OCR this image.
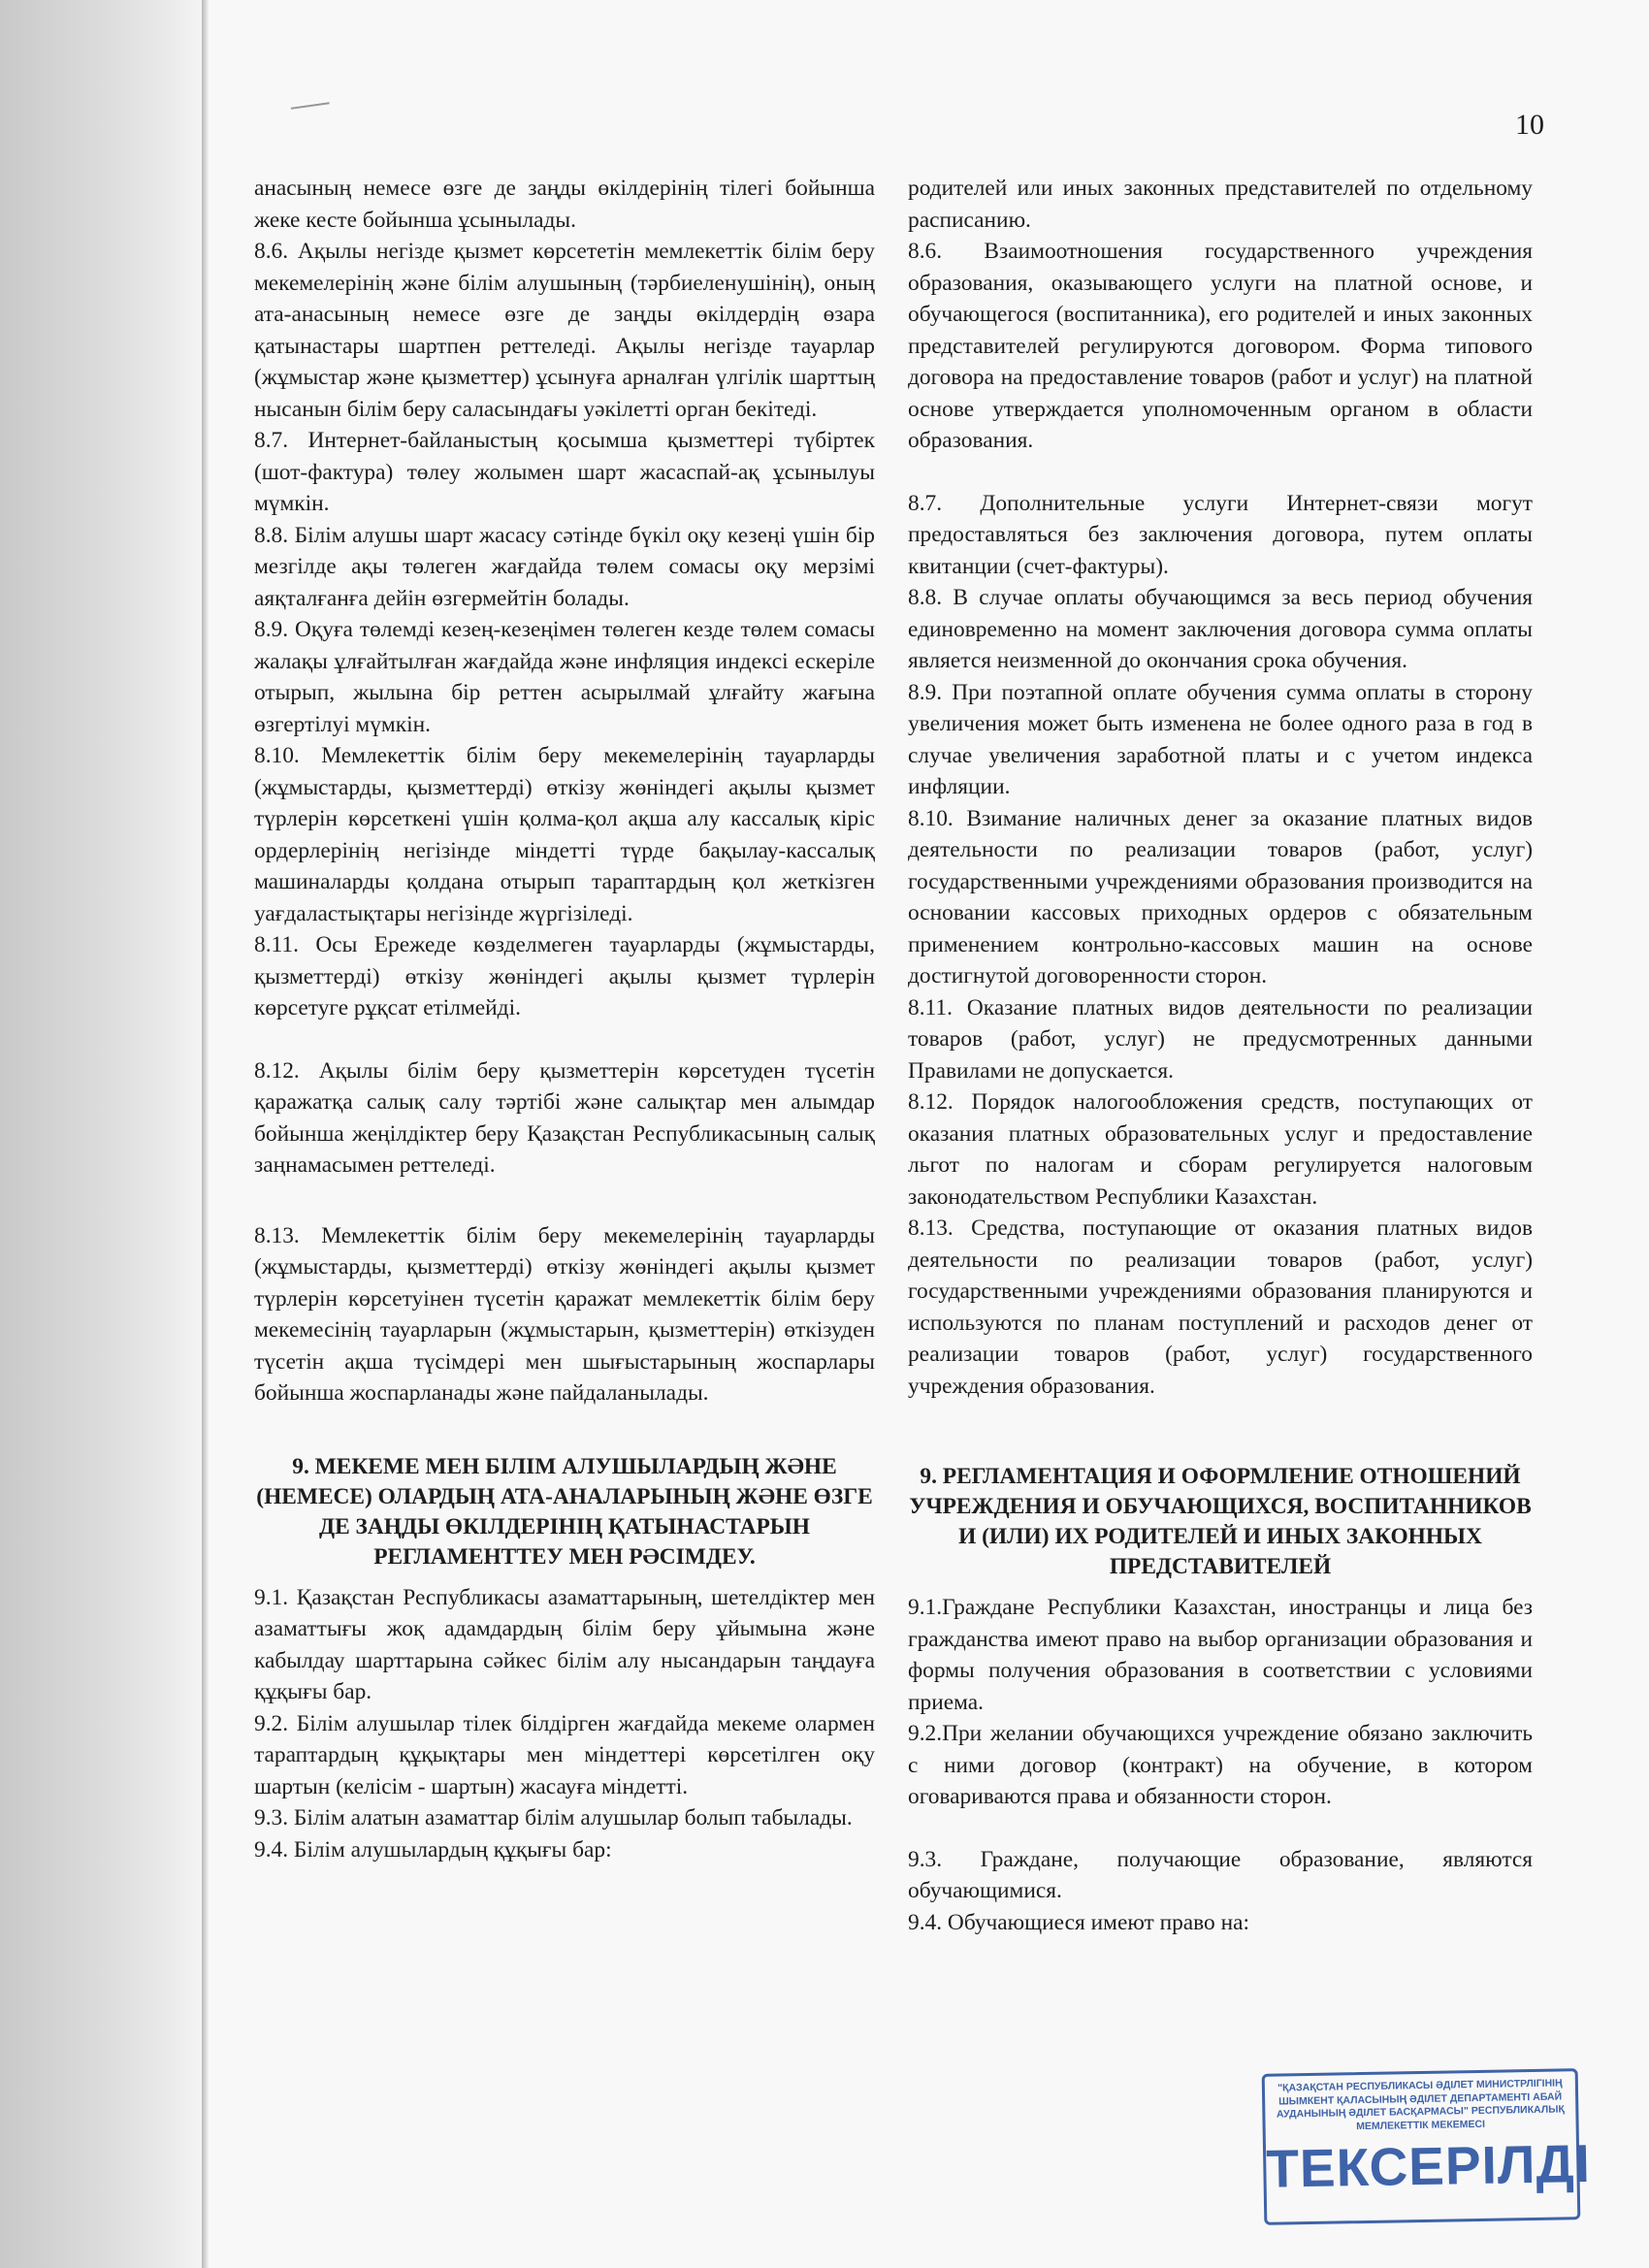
10

анасының немесе өзге де заңды өкілдерінің тілегі бойынша жеке кесте бойынша ұсынылады.

8.6. Ақылы негізде қызмет көрсететін мемлекеттік білім беру мекемелерінің және білім алушының (тәрбиеленушінің), оның ата-анасының немесе өзге де заңды өкілдердің өзара қатынастары шартпен реттеледі. Ақылы негізде тауарлар (жұмыстар және қызметтер) ұсынуға арналған үлгілік шарттың нысанын білім беру саласындағы уәкілетті орган бекітеді.

8.7. Интернет-байланыстың қосымша қызметтері түбіртек (шот-фактура) төлеу жолымен шарт жасаспай-ақ ұсынылуы мүмкін.

8.8. Білім алушы шарт жасасу сәтінде бүкіл оқу кезеңі үшін бір мезгілде ақы төлеген жағдайда төлем сомасы оқу мерзімі аяқталғанға дейін өзгермейтін болады.

8.9. Оқуға төлемді кезең-кезеңімен төлеген кезде төлем сомасы жалақы ұлғайтылған жағдайда және инфляция индексі ескеріле отырып, жылына бір реттен асырылмай ұлғайту жағына өзгертілуі мүмкін.

8.10. Мемлекеттік білім беру мекемелерінің тауарларды (жұмыстарды, қызметтерді) өткізу жөніндегі ақылы қызмет түрлерін көрсеткені үшін қолма-қол ақша алу кассалық кіріс ордерлерінің негізінде міндетті түрде бақылау-кассалық машиналарды қолдана отырып тараптардың қол жеткізген уағдаластықтары негізінде жүргізіледі.

8.11. Осы Ережеде көзделмеген тауарларды (жұмыстарды, қызметтерді) өткізу жөніндегі ақылы қызмет түрлерін көрсетуге рұқсат етілмейді.

8.12. Ақылы білім беру қызметтерін көрсетуден түсетін қаражатқа салық салу тәртібі және салықтар мен алымдар бойынша жеңілдіктер беру Қазақстан Республикасының салық заңнамасымен реттеледі.

8.13. Мемлекеттік білім беру мекемелерінің тауарларды (жұмыстарды, қызметтерді) өткізу жөніндегі ақылы қызмет түрлерін көрсетуінен түсетін қаражат мемлекеттік білім беру мекемесінің тауарларын (жұмыстарын, қызметтерін) өткізуден түсетін ақша түсімдері мен шығыстарының жоспарлары бойынша жоспарланады және пайдаланылады.

9. МЕКЕМЕ МЕН БІЛІМ АЛУШЫЛАРДЫҢ ЖӘНЕ (НЕМЕСЕ) ОЛАРДЫҢ АТА-АНАЛАРЫНЫҢ ЖӘНЕ ӨЗГЕ ДЕ ЗАҢДЫ ӨКІЛДЕРІНІҢ ҚАТЫНАСТАРЫН РЕГЛАМЕНТТЕУ МЕН РӘСІМДЕУ.

9.1. Қазақстан Республикасы азаматтарының, шетелдіктер мен азаматтығы жоқ адамдардың білім беру ұйымына және кабылдау шарттарына сәйкес білім алу нысандарын таңдауға құқығы бар.

9.2. Білім алушылар тілек білдірген жағдайда мекеме олармен тараптардың құқықтары мен міндеттері көрсетілген оқу шартын (келісім - шартын) жасауға міндетті.

9.3. Білім алатын азаматтар білім алушылар болып табылады.

9.4. Білім алушылардың құқығы бар:

родителей или иных законных представителей по отдельному расписанию.

8.6. Взаимоотношения государственного учреждения образования, оказывающего услуги на платной основе, и обучающегося (воспитанника), его родителей и иных законных представителей регулируются договором. Форма типового договора на предоставление товаров (работ и услуг) на платной основе утверждается уполномоченным органом в области образования.

8.7. Дополнительные услуги Интернет-связи могут предоставляться без заключения договора, путем оплаты квитанции (счет-фактуры).

8.8. В случае оплаты обучающимся за весь период обучения единовременно на момент заключения договора сумма оплаты является неизменной до окончания срока обучения.

8.9. При поэтапной оплате обучения сумма оплаты в сторону увеличения может быть изменена не более одного раза в год в случае увеличения заработной платы и с учетом индекса инфляции.

8.10. Взимание наличных денег за оказание платных видов деятельности по реализации товаров (работ, услуг) государственными учреждениями образования производится на основании кассовых приходных ордеров с обязательным применением контрольно-кассовых машин на основе достигнутой договоренности сторон.

8.11. Оказание платных видов деятельности по реализации товаров (работ, услуг) не предусмотренных данными Правилами не допускается.

8.12. Порядок налогообложения средств, поступающих от оказания платных образовательных услуг и предоставление льгот по налогам и сборам регулируется налоговым законодательством Республики Казахстан.

8.13. Средства, поступающие от оказания платных видов деятельности по реализации товаров (работ, услуг) государственными учреждениями образования планируются и используются по планам поступлений и расходов денег от реализации товаров (работ, услуг) государственного учреждения образования.

9. РЕГЛАМЕНТАЦИЯ И ОФОРМЛЕНИЕ ОТНОШЕНИЙ УЧРЕЖДЕНИЯ И ОБУЧАЮЩИХСЯ, ВОСПИТАННИКОВ И (ИЛИ) ИХ РОДИТЕЛЕЙ И ИНЫХ ЗАКОННЫХ ПРЕДСТАВИТЕЛЕЙ

9.1.Граждане Республики Казахстан, иностранцы и лица без гражданства имеют право на выбор организации образования и формы получения образования в соответствии с условиями приема.

9.2.При желании обучающихся учреждение обязано заключить с ними договор (контракт) на обучение, в котором оговариваются права и обязанности сторон.

9.3. Граждане, получающие образование, являются обучающимися.

9.4. Обучающиеся имеют право на:

"ҚАЗАҚСТАН РЕСПУБЛИКАСЫ ӘДІЛЕТ МИНИСТРЛІГІНІҢ ШЫМКЕНТ ҚАЛАСЫНЫҢ ӘДІЛЕТ ДЕПАРТАМЕНТІ АБАЙ АУДАНЫНЫҢ ӘДІЛЕТ БАСҚАРМАСЫ" РЕСПУБЛИКАЛЫҚ МЕМЛЕКЕТТІК МЕКЕМЕСІ
ТЕКСЕРІЛДІ
